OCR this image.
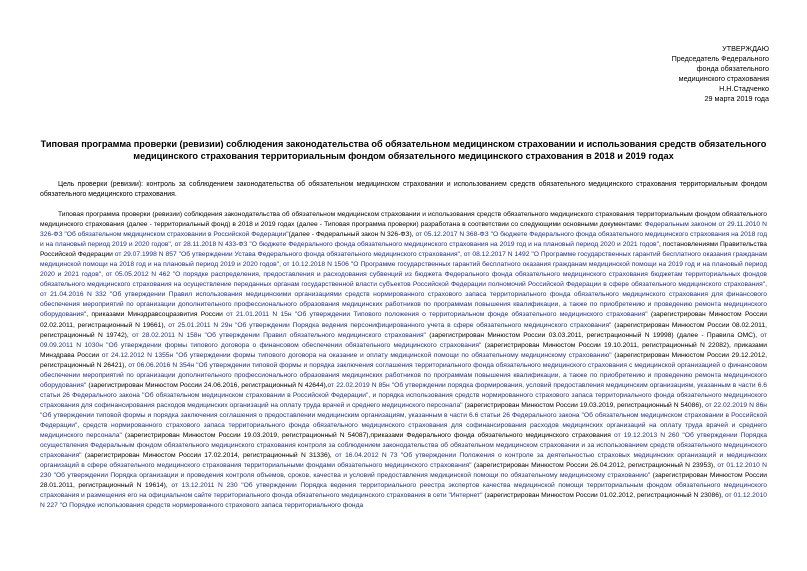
УТВЕРЖДАЮ
Председатель Федерального
фонда обязательного
медицинского страхования
Н.Н.Стадченко
29 марта 2019 года
Типовая программа проверки (ревизии) соблюдения законодательства об обязательном медицинском страховании и использования средств обязательного медицинского страхования территориальным фондом обязательного медицинского страхования в 2018 и 2019 годах
Цель проверки (ревизии): контроль за соблюдением законодательства об обязательном медицинском страховании и использованием средств обязательного медицинского страхования территориальным фондом обязательного медицинского страхования.
Типовая программа проверки (ревизии) соблюдения законодательства об обязательном медицинском страховании и использования средств обязательного медицинского страхования территориальным фондом обязательного медицинского страхования (далее - территориальный фонд) в 2018 и 2019 годах (далее - Типовая программа проверки) разработана в соответствии со следующими основными документами: Федеральным законом от 29.11.2010 N 326-ФЗ "Об обязательном медицинском страховании в Российской Федерации"(далее - Федеральный закон N 326-ФЗ), от 05.12.2017 N 368-ФЗ "О бюджете Федерального фонда обязательного медицинского страхования на 2018 год и на плановый период 2019 и 2020 годов", от 28.11.2018 N 433-ФЗ "О бюджете Федерального фонда обязательного медицинского страхования на 2019 год и на плановый период 2020 и 2021 годов", постановлениями Правительства Российской Федерации от 29.07.1998 N 857 "Об утверждении Устава Федерального фонда обязательного медицинского страхования", от 08.12.2017 N 1492 "О Программе государственных гарантий бесплатного оказания гражданам медицинской помощи на 2018 год и на плановый период 2019 и 2020 годов", от 10.12.2018 N 1506 "О Программе государственных гарантий бесплатного оказания гражданам медицинской помощи на 2019 год и на плановый период 2020 и 2021 годов", от 05.05.2012 N 462 "О порядке распределения, предоставления и расходования субвенций из бюджета Федерального фонда обязательного медицинского страхования бюджетам территориальных фондов обязательного медицинского страхования на осуществление переданных органам государственной власти субъектов Российской Федерации полномочий Российской Федерации в сфере обязательного медицинского страхования", от 21.04.2016 N 332 "Об утверждении Правил использования медицинскими организациями средств нормированного страхового запаса территориального фонда обязательного медицинского страхования для финансового обеспечения мероприятий по организации дополнительного профессионального образования медицинских работников по программам повышения квалификации, а также по приобретению и проведению ремонта медицинского оборудования", приказами Минздравсоцразвития России от 21.01.2011 N 15н "Об утверждении Типового положения о территориальном фонде обязательного медицинского страхования" (зарегистрирован Минюстом России 02.02.2011, регистрационный N 19661), от 25.01.2011 N 29н "Об утверждении Порядка ведения персонифицированного учета в сфере обязательного медицинского страхования" (зарегистрирован Минюстом России 08.02.2011, регистрационный N 19742), от 28.02.2011 N 158н "Об утверждении Правил обязательного медицинского страхования" (зарегистрирован Минюстом России 03.03.2011, регистрационный N 19998) (далее - Правила ОМС), от 09.09.2011 N 1030н "Об утверждении формы типового договора о финансовом обеспечении обязательного медицинского страхования" (зарегистрирован Минюстом России 19.10.2011, регистрационный N 22082), приказами Минздрава России от 24.12.2012 N 1355н "Об утверждении формы типового договора на оказание и оплату медицинской помощи по обязательному медицинскому страхованию" (зарегистрирован Минюстом России 29.12.2012, регистрационный N 26421), от 06.06.2016 N 354н "Об утверждении типовой формы и порядка заключения соглашения территориального фонда обязательного медицинского страхования с медицинской организацией о финансовом обеспечении мероприятий по организации дополнительного профессионального образования медицинских работников по программам повышения квалификации, а также по приобретению и проведению ремонта медицинского оборудования" (зарегистрирован Минюстом России 24.06.2016, регистрационный N 42644),от 22.02.2019 N 85н "Об утверждении порядка формирования, условий предоставления медицинским организациям, указанным в части 6.6 статьи 26 Федерального закона "Об обязательном медицинском страховании в Российской Федерации", и порядка использования средств нормированного страхового запаса территориального фонда обязательного медицинского страхования для софинансирования расходов медицинских организаций на оплату труда врачей и среднего медицинского персонала" (зарегистрирован Минюстом России 19.03.2019, регистрационный N 54086), от 22.02.2019 N 86н "Об утверждении типовой формы и порядка заключения соглашения о предоставлении медицинским организациям, указанным в части 6.6 статьи 26 Федерального закона "Об обязательном медицинском страховании в Российской Федерации", средств нормированного страхового запаса территориального фонда обязательного медицинского страхования для софинансирования расходов медицинских организаций на оплату труда врачей и среднего медицинского персонала" (зарегистрирован Минюстом России 19.03.2019, регистрационный N 54087),приказами Федерального фонда обязательного медицинского страхования от 19.12.2013 N 260 "Об утверждении Порядка осуществления Федеральным фондом обязательного медицинского страхования контроля за соблюдением законодательства об обязательном медицинском страховании и за использованием средств обязательного медицинского страхования" (зарегистрирован Минюстом России 17.02.2014, регистрационный N 31336), от 16.04.2012 N 73 "Об утверждении Положения о контроле за деятельностью страховых медицинских организаций и медицинских организаций в сфере обязательного медицинского страхования территориальными фондами обязательного медицинского страхования" (зарегистрирован Минюстом России 26.04.2012, регистрационный N 23953), от 01.12.2010 N 230 "Об утверждении Порядка организации и проведения контроля объемов, сроков, качества и условий предоставления медицинской помощи по обязательному медицинскому страхованию" (зарегистрирован Минюстом России 28.01.2011, регистрационный N 19614), от 13.12.2011 N 230 "Об утверждении Порядка ведения территориального реестра экспертов качества медицинской помощи территориальным фондом обязательного медицинского страхования и размещения его на официальном сайте территориального фонда обязательного медицинского страхования в сети "Интернет" (зарегистрирован Минюстом России 01.02.2012, регистрационный N 23086), от 01.12.2010 N 227 "О Порядке использования средств нормированного страхового запаса территориального фонда
